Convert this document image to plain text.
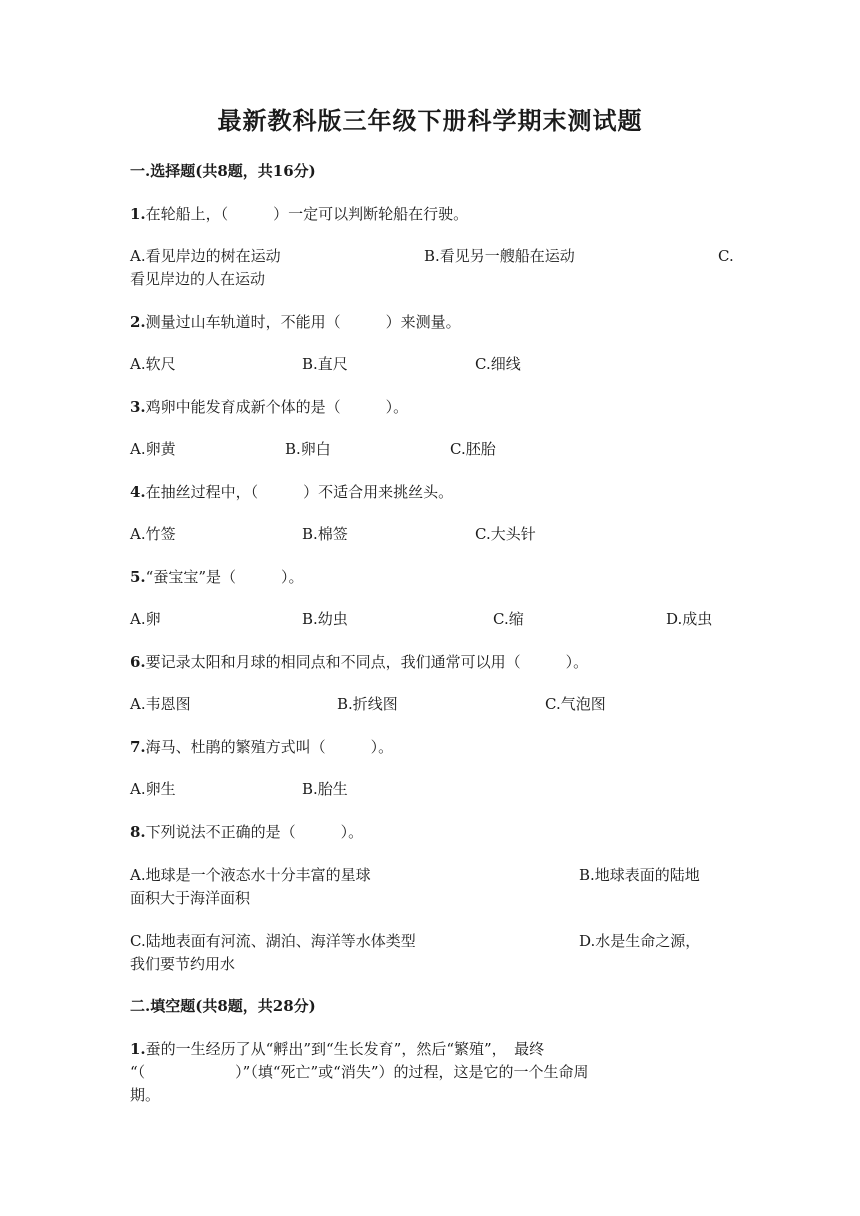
最新教科版三年级下册科学期末测试题
一.选择题(共8题，共16分)
1.在轮船上，（　　　）一定可以判断轮船在行驶。
A.看见岸边的树在运动	B.看见另一艘船在运动	C.
看见岸边的人在运动
2.测量过山车轨道时，不能用（　　　）来测量。
A.软尺	B.直尺	C.细线
3.鸡卵中能发育成新个体的是（　　　）。
A.卵黄	B.卵白	C.胚胎
4.在抽丝过程中，（　　　）不适合用来挑丝头。
A.竹签	B.棉签	C.大头针
5.“蚕宝宝”是（　　　）。
A.卵	B.幼虫	C.缩	D.成虫
6.要记录太阳和月球的相同点和不同点，我们通常可以用（　　　）。
A.韦恩图	B.折线图	C.气泡图
7.海马、杜鹃的繁殖方式叫（　　　）。
A.卵生	B.胎生
8.下列说法不正确的是（　　　）。
A.地球是一个液态水十分丰富的星球	B.地球表面的陆地
面积大于海洋面积
C.陆地表面有河流、湖泊、海洋等水体类型	D.水是生命之源，
我们要节约用水
二.填空题(共8题，共28分)
1.蚕的一生经历了从“孵出”到“生长发育”，然后“繁殖”，　最终
“（　　　　　　）”（填“死亡”或“消失”）的过程，这是它的一个生命周
期。
